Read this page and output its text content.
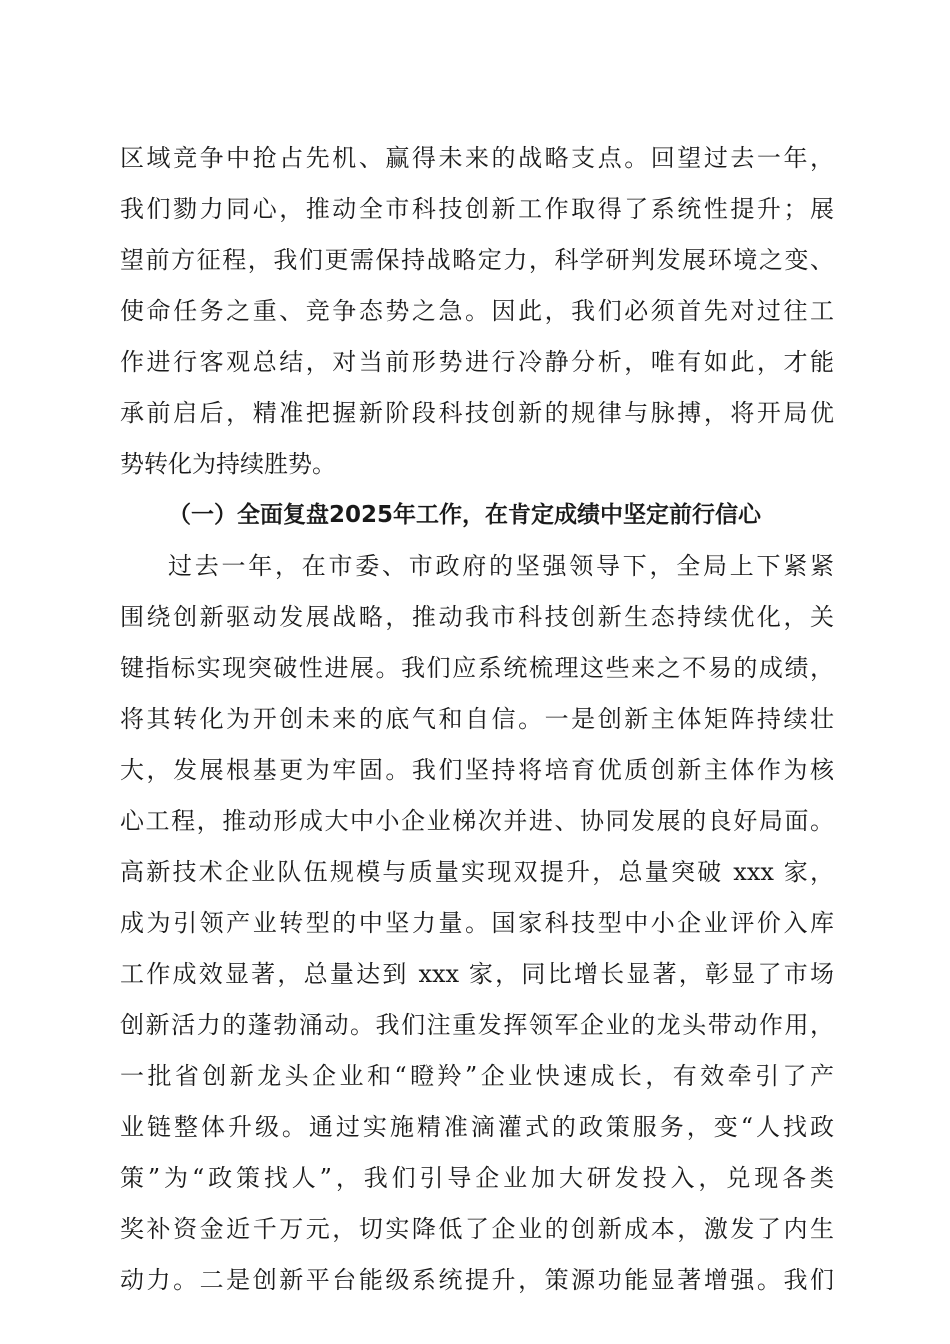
区域竞争中抢占先机、赢得未来的战略支点。回望过去一年，
我们勠力同心，推动全市科技创新工作取得了系统性提升；展
望前方征程，我们更需保持战略定力，科学研判发展环境之变、
使命任务之重、竞争态势之急。因此，我们必须首先对过往工
作进行客观总结，对当前形势进行冷静分析，唯有如此，才能
承前启后，精准把握新阶段科技创新的规律与脉搏，将开局优
势转化为持续胜势。
（一）全面复盘2025年工作，在肯定成绩中坚定前行信心
过去一年，在市委、市政府的坚强领导下，全局上下紧紧
围绕创新驱动发展战略，推动我市科技创新生态持续优化，关
键指标实现突破性进展。我们应系统梳理这些来之不易的成绩，
将其转化为开创未来的底气和自信。一是创新主体矩阵持续壮
大，发展根基更为牢固。我们坚持将培育优质创新主体作为核
心工程，推动形成大中小企业梯次并进、协同发展的良好局面。
高新技术企业队伍规模与质量实现双提升，总量突破 xxx 家，
成为引领产业转型的中坚力量。国家科技型中小企业评价入库
工作成效显著，总量达到 xxx 家，同比增长显著，彰显了市场
创新活力的蓬勃涌动。我们注重发挥领军企业的龙头带动作用，
一批省创新龙头企业和“瞪羚”企业快速成长，有效牵引了产
业链整体升级。通过实施精准滴灌式的政策服务，变“人找政
策”为“政策找人”，我们引导企业加大研发投入，兑现各类
奖补资金近千万元，切实降低了企业的创新成本，激发了内生
动力。二是创新平台能级系统提升，策源功能显著增强。我们
